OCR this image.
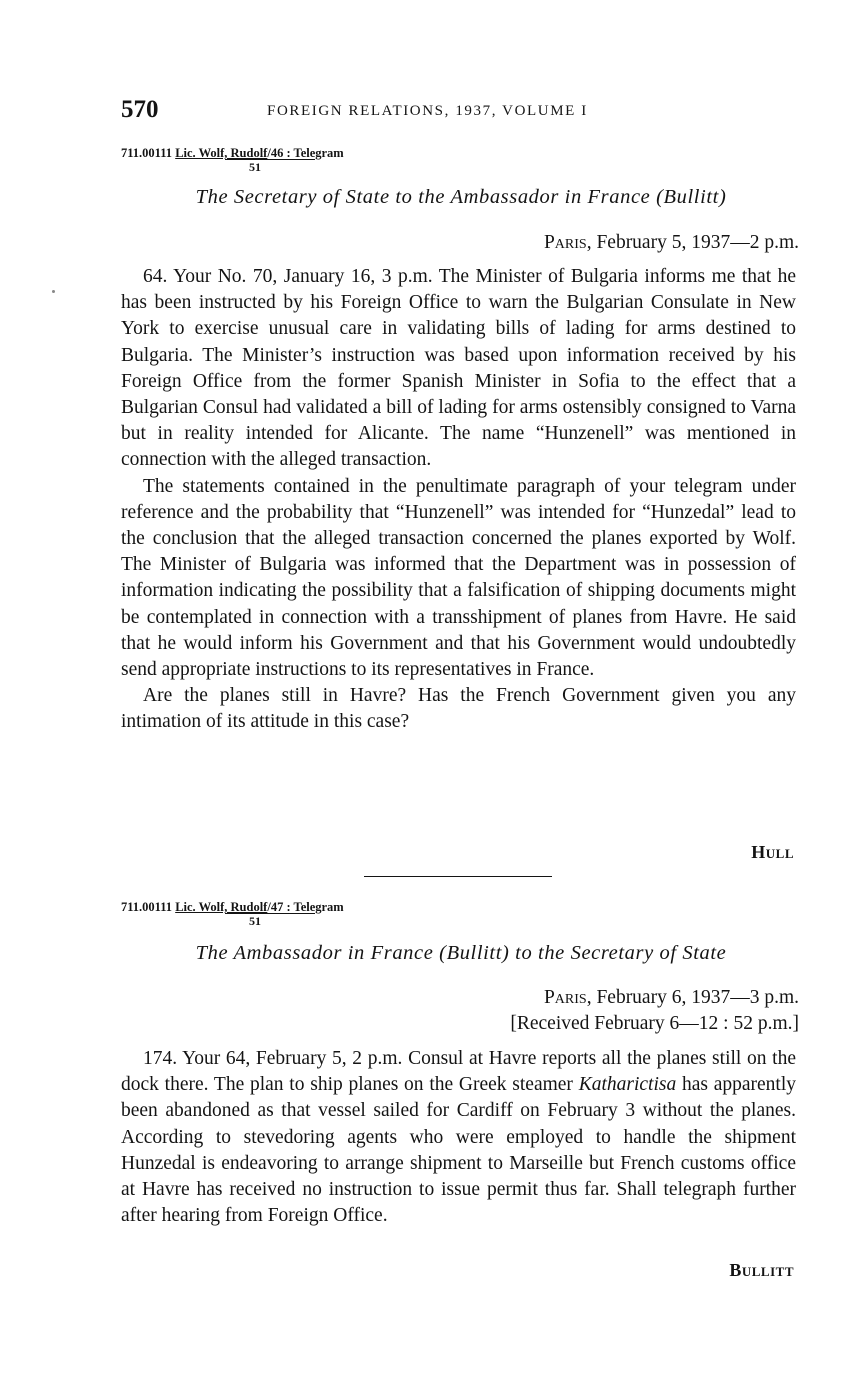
570	FOREIGN RELATIONS, 1937, VOLUME I
711.00111 Lic. Wolf, Rudolf/46 : Telegram
51
The Secretary of State to the Ambassador in France (Bullitt)
Paris, February 5, 1937—2 p.m.

64. Your No. 70, January 16, 3 p.m. The Minister of Bulgaria informs me that he has been instructed by his Foreign Office to warn the Bulgarian Consulate in New York to exercise unusual care in validating bills of lading for arms destined to Bulgaria. The Minister’s instruction was based upon information received by his Foreign Office from the former Spanish Minister in Sofia to the effect that a Bulgarian Consul had validated a bill of lading for arms ostensibly consigned to Varna but in reality intended for Alicante. The name “Hunzenell” was mentioned in connection with the alleged transaction.

The statements contained in the penultimate paragraph of your telegram under reference and the probability that “Hunzenell” was intended for “Hunzedal” lead to the conclusion that the alleged transaction concerned the planes exported by Wolf. The Minister of Bulgaria was informed that the Department was in possession of information indicating the possibility that a falsification of shipping documents might be contemplated in connection with a transshipment of planes from Havre. He said that he would inform his Government and that his Government would undoubtedly send appropriate instructions to its representatives in France.

Are the planes still in Havre? Has the French Government given you any intimation of its attitude in this case?

Hull
711.00111 Lic. Wolf, Rudolf/47 : Telegram
51
The Ambassador in France (Bullitt) to the Secretary of State
Paris, February 6, 1937—3 p.m.
[Received February 6—12 : 52 p.m.]

174. Your 64, February 5, 2 p.m. Consul at Havre reports all the planes still on the dock there. The plan to ship planes on the Greek steamer Katharictisa has apparently been abandoned as that vessel sailed for Cardiff on February 3 without the planes. According to stevedoring agents who were employed to handle the shipment Hunzedal is endeavoring to arrange shipment to Marseille but French customs office at Havre has received no instruction to issue permit thus far. Shall telegraph further after hearing from Foreign Office.

Bullitt
